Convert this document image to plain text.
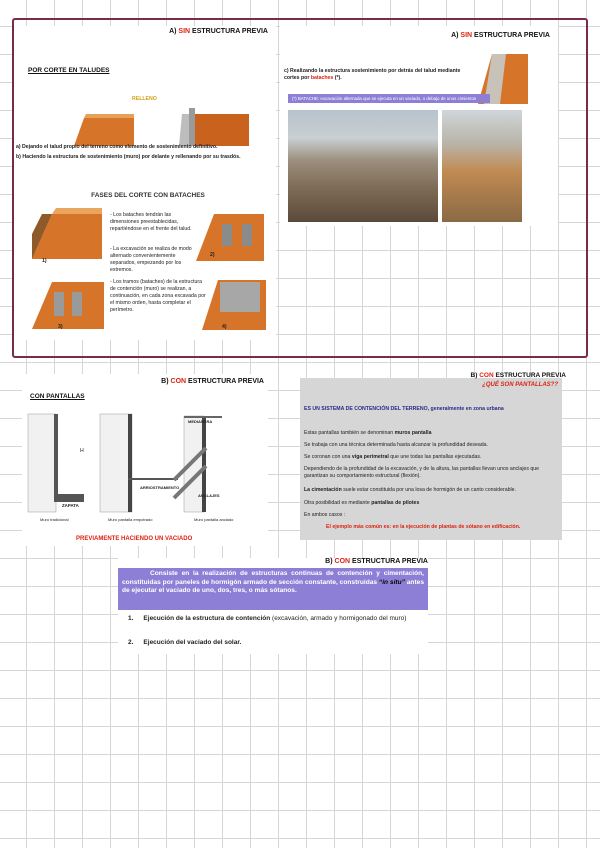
A) SIN ESTRUCTURA PREVIA
POR CORTE EN TALUDES
RELLENO
a) Dejando el talud propio del terreno como elemento de sostenimiento definitivo.
b) Haciendo la estructura de sostenimiento (muro) por delante y rellenando por su trasdós.
FASES DEL CORTE CON BATACHES
1)
- Los bataches tendrán las dimensiones preestablecidas, repartiéndose en el frente del talud.
- La excavación se realiza de modo alternado convenientemente separados, empezando por los extremos.
2)
3)
- Los tramos (bataches) de la estructura de contención (muro) se realizan, a continuación, en cada zona excavada por el mismo orden, hasta completar el perímetro.
4)
A) SIN ESTRUCTURA PREVIA
c) Realizando la estructura sostenimiento por detrás del talud mediante cortes por bataches (*).
(*) BATACHE: excavación alternada que se ejecuta en un vaciado, o debajo de unos cimientos
B) CON ESTRUCTURA PREVIA
CON PANTALLAS
H
MEDIANERA
ARRIOSTRAMIENTO
ANCLAJES
ZAPATA
Muro tradicional	Muro pantalla empotrado	Muro pantalla anclado
PREVIAMENTE HACIENDO UN VACIADO
B) CON ESTRUCTURA PREVIA
¿QUÉ SON PANTALLAS??
ES UN SISTEMA DE CONTENCIÓN DEL TERRENO, generalmente en zona urbana
Estas pantallas también se denominan muros pantalla
Se trabaja con una técnica determinada hasta alcanzar la profundidad deseada.
Se coronan con una viga perimetral que une todas las pantallas ejecutadas.
Dependiendo de la profundidad de la excavación, y de la altura, las pantallas llevan unos anclajes que garantizan su comportamiento estructural (flexión).
La cimentación suele estar constituida por una losa de hormigón de un canto considerable.
Otra posibilidad es mediante pantallas de pilotes
En ambos casos :
El ejemplo más común es: en la ejecución de plantas de sótano en edificación.
B) CON ESTRUCTURA PREVIA
Consiste en la realización de estructuras continuas de contención y cimentación, constituidas por paneles de hormigón armado de sección constante, construidas “in situ” antes de ejecutar el vaciado de uno, dos, tres, o más sótanos.
1. Ejecución de la estructura de contención (excavación, armado y hormigonado del muro)
2. Ejecución del vaciado del solar.
